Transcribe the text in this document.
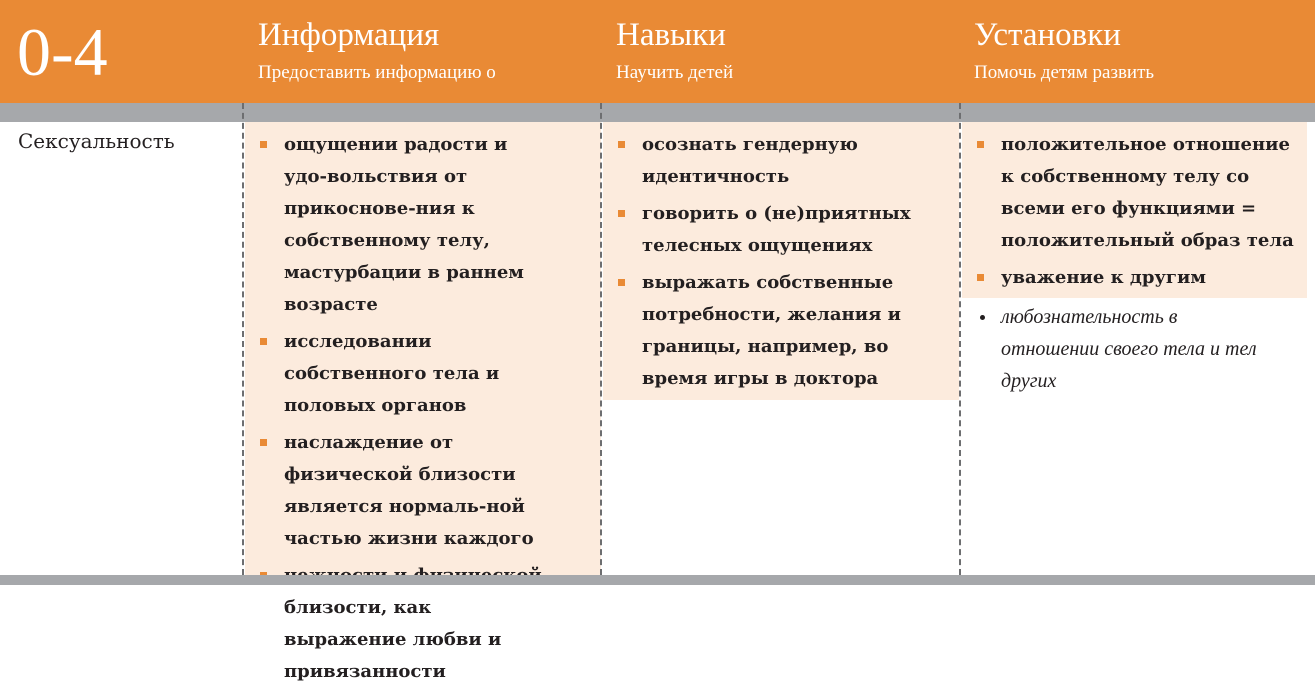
0-4	Информация
Предоставить информацию о
Навыки
Научить детей
Установки
Помочь детям развить
Сексуальность	ощущении радости и удо-вольствия от прикоснове-ния к собственному телу, мастурбации в раннем возрасте
исследовании собственного тела и половых органов
наслаждение от физической близости является нормаль-ной частью жизни каждого
близости, как выражение любви и привязанности
осознать гендерную идентичность
говорить о (не)приятных телесных ощущениях
выражать собственные потребности, желания и границы, например, во время игры в доктора
положительное отношение к собственному телу со всеми его функциями = положительный образ тела
уважение к другим
любознательность в отношении своего тела и тел других
